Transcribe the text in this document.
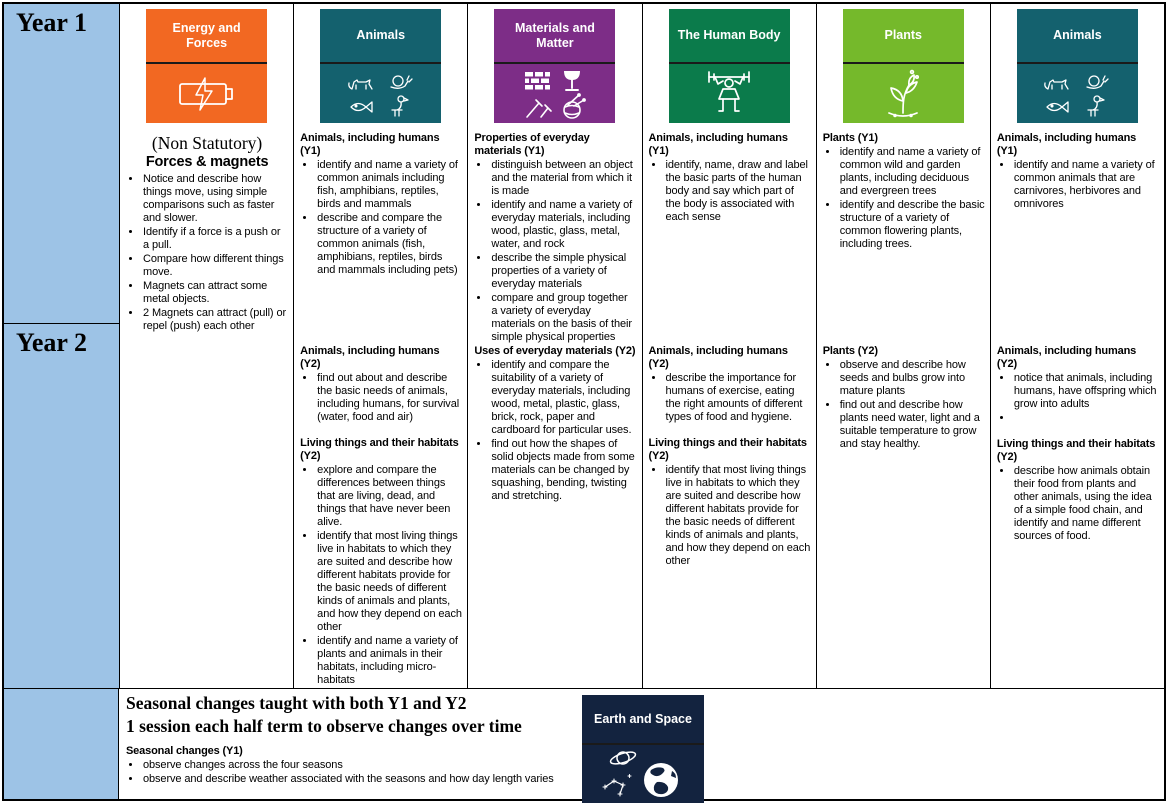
Year 1
Year 2
Energy and Forces
(Non Statutory)
Forces & magnets
• Notice and describe how things move, using simple comparisons such as faster and slower.
• Identify if a force is a push or a pull.
• Compare how different things move.
• Magnets can attract some metal objects.
• 2 Magnets can attract (pull) or repel (push) each other
Animals
Animals, including humans (Y1)
• identify and name a variety of common animals including fish, amphibians, reptiles, birds and mammals
• describe and compare the structure of a variety of common animals (fish, amphibians, reptiles, birds and mammals including pets)
Animals, including humans (Y2)
• find out about and describe the basic needs of animals, including humans, for survival (water, food and air)
Living things and their habitats (Y2)
• explore and compare the differences between things that are living, dead, and things that have never been alive.
• identify that most living things live in habitats to which they are suited and describe how different habitats provide for the basic needs of different kinds of animals and plants, and how they depend on each other
• identify and name a variety of plants and animals in their habitats, including micro-habitats
Materials and Matter
Properties of everyday materials (Y1)
• distinguish between an object and the material from which it is made
• identify and name a variety of everyday materials, including wood, plastic, glass, metal, water, and rock
• describe the simple physical properties of a variety of everyday materials
• compare and group together a variety of everyday materials on the basis of their simple physical properties
Uses of everyday materials (Y2)
• identify and compare the suitability of a variety of everyday materials, including wood, metal, plastic, glass, brick, rock, paper and cardboard for particular uses.
• find out how the shapes of solid objects made from some materials can be changed by squashing, bending, twisting and stretching.
The Human Body
Animals, including humans (Y1)
• identify, name, draw and label the basic parts of the human body and say which part of the body is associated with each sense
Animals, including humans (Y2)
• describe the importance for humans of exercise, eating the right amounts of different types of food and hygiene.
Living things and their habitats (Y2)
• identify that most living things live in habitats to which they are suited and describe how different habitats provide for the basic needs of different kinds of animals and plants, and how they depend on each other
Plants
Plants (Y1)
• identify and name a variety of common wild and garden plants, including deciduous and evergreen trees
• identify and describe the basic structure of a variety of common flowering plants, including trees.
Plants (Y2)
• observe and describe how seeds and bulbs grow into mature plants
• find out and describe how plants need water, light and a suitable temperature to grow and stay healthy.
Animals
Animals, including humans (Y1)
• identify and name a variety of common animals that are carnivores, herbivores and omnivores
Animals, including humans (Y2)
• notice that animals, including humans, have offspring which grow into adults
•
Living things and their habitats (Y2)
• describe how animals obtain their food from plants and other animals, using the idea of a simple food chain, and identify and name different sources of food.
Seasonal changes taught with both Y1 and Y2
1 session each half term to observe changes over time
Seasonal changes (Y1)
• observe changes across the four seasons
• observe and describe weather associated with the seasons and how day length varies
Earth and Space
